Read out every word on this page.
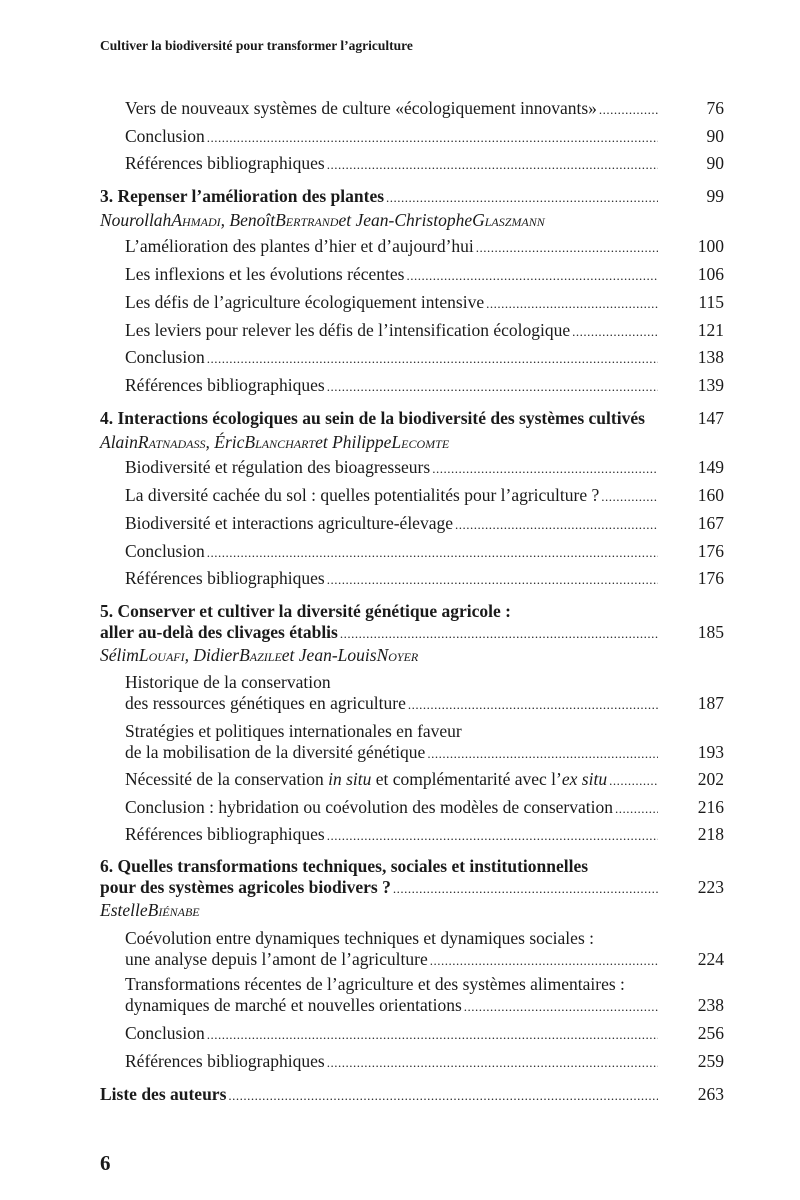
Cultiver la biodiversité pour transformer l’agriculture
Vers de nouveaux systèmes de culture «écologiquement innovants» .....	76
Conclusion .....	90
Références bibliographiques .....	90
3. Repenser l’amélioration des plantes .....	99
Nourollah Ahmadi , Benoît Bertrand et Jean-Christophe Glaszmann
L’amélioration des plantes d’hier et d’aujourd’hui .....	100
Les inflexions et les évolutions récentes .....	106
Les défis de l’agriculture écologiquement intensive .....	115
Les leviers pour relever les défis de l’intensification écologique .....	121
Conclusion .....	138
Références bibliographiques .....	139
4. Interactions écologiques au sein de la biodiversité des systèmes cultivés	147
Alain Ratnadass , Éric Blanchart et Philippe Lecomte
Biodiversité et régulation des bioagresseurs .....	149
La diversité cachée du sol : quelles potentialités pour l’agriculture ? .....	160
Biodiversité et interactions agriculture-élevage .....	167
Conclusion .....	176
Références bibliographiques .....	176
5. Conserver et cultiver la diversité génétique agricole :
aller au-delà des clivages établis .....	185
Sélim Louafi , Didier Bazile et Jean-Louis Noyer
Historique de la conservation
des ressources génétiques en agriculture .....	187
Stratégies et politiques internationales en faveur
de la mobilisation de la diversité génétique .....	193
Nécessité de la conservation in situ et complémentarité avec l’ex situ .....	202
Conclusion : hybridation ou coévolution des modèles de conservation .....	216
Références bibliographiques .....	218
6. Quelles transformations techniques, sociales et institutionnelles
pour des systèmes agricoles biodivers ? .....	223
Estelle Biénabe
Coévolution entre dynamiques techniques et dynamiques sociales :
une analyse depuis l’amont de l’agriculture .....	224
Transformations récentes de l’agriculture et des systèmes alimentaires :
dynamiques de marché et nouvelles orientations .....	238
Conclusion .....	256
Références bibliographiques .....	259
Liste des auteurs .....	263
6
